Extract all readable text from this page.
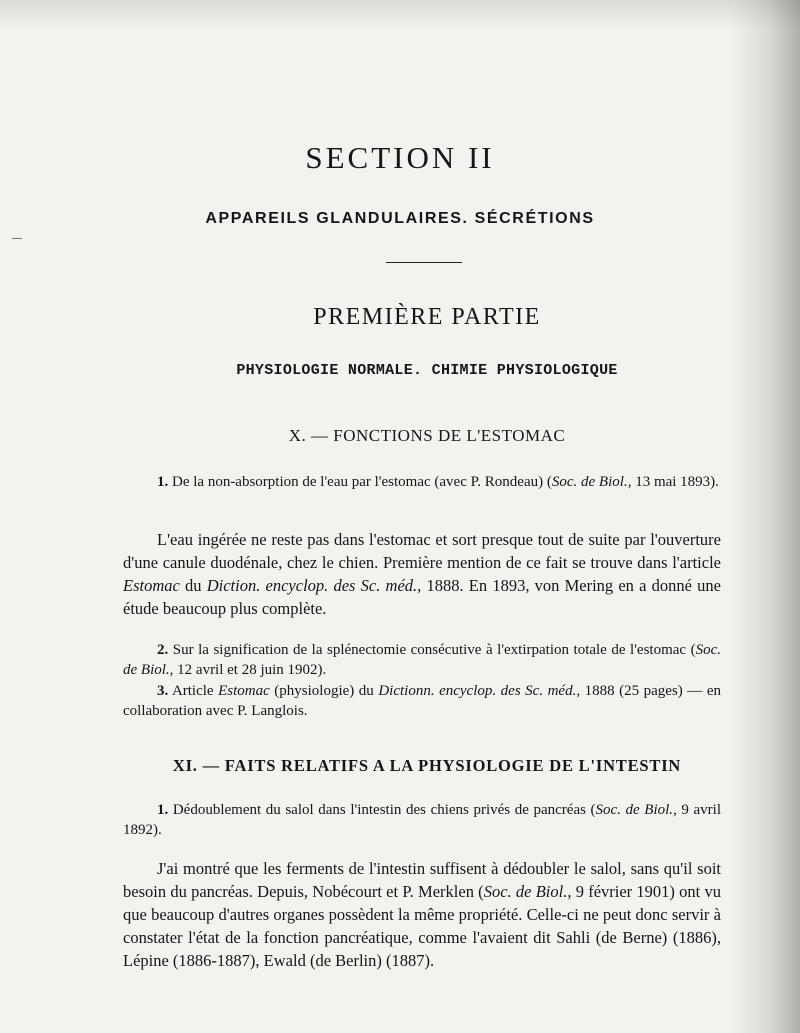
SECTION II
APPAREILS GLANDULAIRES. SÉCRÉTIONS
PREMIÈRE PARTIE
PHYSIOLOGIE NORMALE. CHIMIE PHYSIOLOGIQUE
X. — FONCTIONS DE L'ESTOMAC
1. De la non-absorption de l'eau par l'estomac (avec P. Rondeau) (Soc. de Biol., 13 mai 1893).
L'eau ingérée ne reste pas dans l'estomac et sort presque tout de suite par l'ouverture d'une canule duodénale, chez le chien. Première mention de ce fait se trouve dans l'article Estomac du Diction. encyclop. des Sc. méd., 1888. En 1893, von Mering en a donné une étude beaucoup plus complète.
2. Sur la signification de la splénectomie consécutive à l'extirpation totale de l'estomac (Soc. de Biol., 12 avril et 28 juin 1902).
3. Article Estomac (physiologie) du Dictionn. encyclop. des Sc. méd., 1888 (25 pages) — en collaboration avec P. Langlois.
XI. — FAITS RELATIFS A LA PHYSIOLOGIE DE L'INTESTIN
1. Dédoublement du salol dans l'intestin des chiens privés de pancréas (Soc. de Biol., 9 avril 1892).
J'ai montré que les ferments de l'intestin suffisent à dédoubler le salol, sans qu'il soit besoin du pancréas. Depuis, Nobécourt et P. Merklen (Soc. de Biol., 9 février 1901) ont vu que beaucoup d'autres organes possèdent la même propriété. Celle-ci ne peut donc servir à constater l'état de la fonction pancréatique, comme l'avaient dit Sahli (de Berne) (1886), Lépine (1886-1887), Ewald (de Berlin) (1887).
